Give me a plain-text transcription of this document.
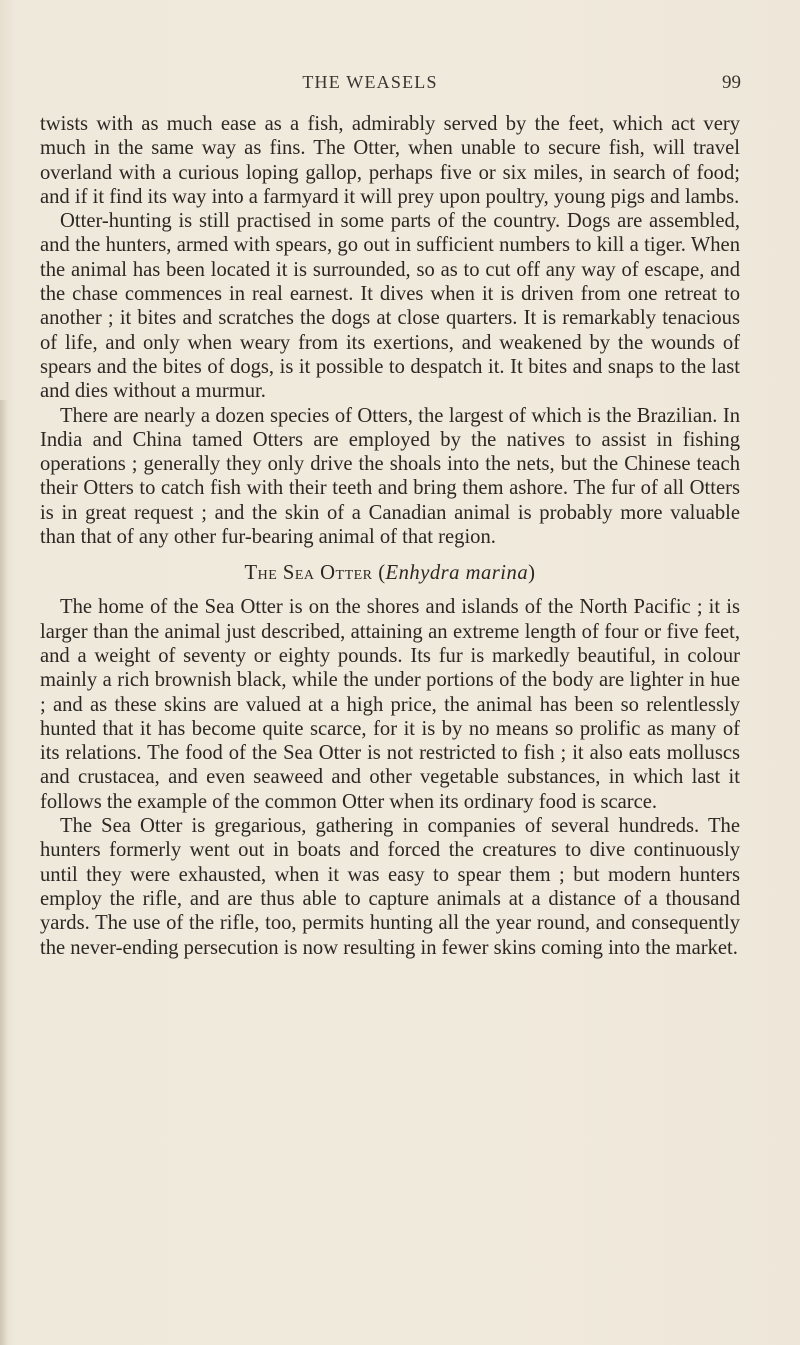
THE WEASELS	99

twists with as much ease as a fish, admirably served by the feet, which act very much in the same way as fins. The Otter, when unable to secure fish, will travel overland with a curious loping gallop, perhaps five or six miles, in search of food; and if it find its way into a farmyard it will prey upon poultry, young pigs and lambs.

Otter-hunting is still practised in some parts of the country. Dogs are assembled, and the hunters, armed with spears, go out in sufficient numbers to kill a tiger. When the animal has been located it is surrounded, so as to cut off any way of escape, and the chase commences in real earnest. It dives when it is driven from one retreat to another ; it bites and scratches the dogs at close quarters. It is remarkably tenacious of life, and only when weary from its exertions, and weakened by the wounds of spears and the bites of dogs, is it possible to despatch it. It bites and snaps to the last and dies without a murmur.

There are nearly a dozen species of Otters, the largest of which is the Brazilian. In India and China tamed Otters are employed by the natives to assist in fishing operations ; generally they only drive the shoals into the nets, but the Chinese teach their Otters to catch fish with their teeth and bring them ashore. The fur of all Otters is in great request ; and the skin of a Canadian animal is probably more valuable than that of any other fur-bearing animal of that region.

The Sea Otter (Enhydra marina)

The home of the Sea Otter is on the shores and islands of the North Pacific ; it is larger than the animal just described, attaining an extreme length of four or five feet, and a weight of seventy or eighty pounds. Its fur is markedly beautiful, in colour mainly a rich brownish black, while the under portions of the body are lighter in hue ; and as these skins are valued at a high price, the animal has been so relentlessly hunted that it has become quite scarce, for it is by no means so prolific as many of its relations. The food of the Sea Otter is not restricted to fish ; it also eats molluscs and crustacea, and even seaweed and other vegetable substances, in which last it follows the example of the common Otter when its ordinary food is scarce.

The Sea Otter is gregarious, gathering in companies of several hundreds. The hunters formerly went out in boats and forced the creatures to dive continuously until they were exhausted, when it was easy to spear them ; but modern hunters employ the rifle, and are thus able to capture animals at a distance of a thousand yards. The use of the rifle, too, permits hunting all the year round, and consequently the never-ending persecution is now resulting in fewer skins coming into the market.
